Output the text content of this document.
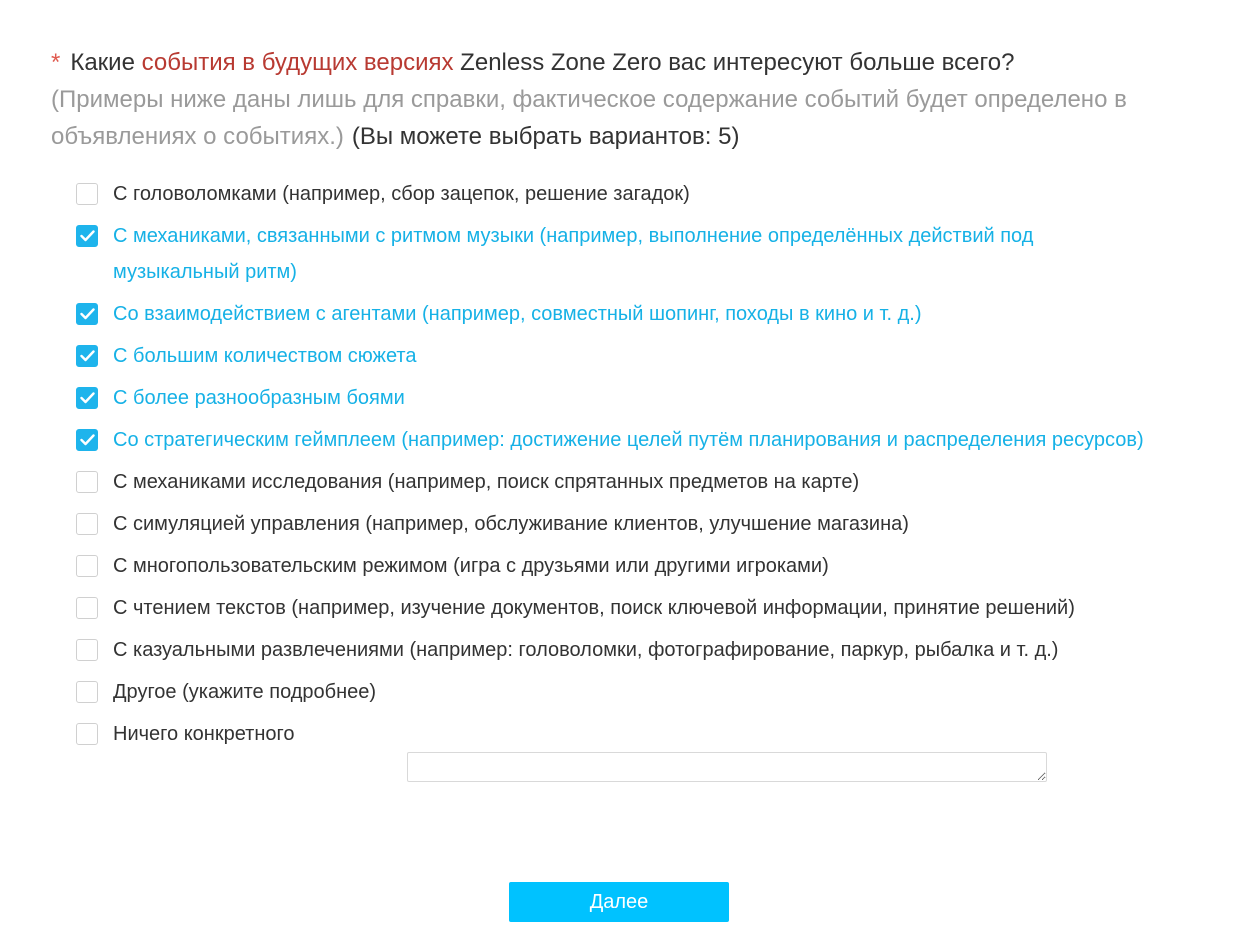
* Какие события в будущих версиях Zenless Zone Zero вас интересуют больше всего?
(Примеры ниже даны лишь для справки, фактическое содержание событий будет определено в объявлениях о событиях.) (Вы можете выбрать вариантов: 5)
С головоломками (например, сбор зацепок, решение загадок)
С механиками, связанными с ритмом музыки (например, выполнение определённых действий под музыкальный ритм)
Со взаимодействием с агентами (например, совместный шопинг, походы в кино и т. д.)
С большим количеством сюжета
С более разнообразным боями
Со стратегическим геймплеем (например: достижение целей путём планирования и распределения ресурсов)
С механиками исследования (например, поиск спрятанных предметов на карте)
С симуляцией управления (например, обслуживание клиентов, улучшение магазина)
С многопользовательским режимом (игра с друзьями или другими игроками)
С чтением текстов (например, изучение документов, поиск ключевой информации, принятие решений)
С казуальными развлечениями (например: головоломки, фотографирование, паркур, рыбалка и т. д.)
Другое (укажите подробнее)
Ничего конкретного
Далее
